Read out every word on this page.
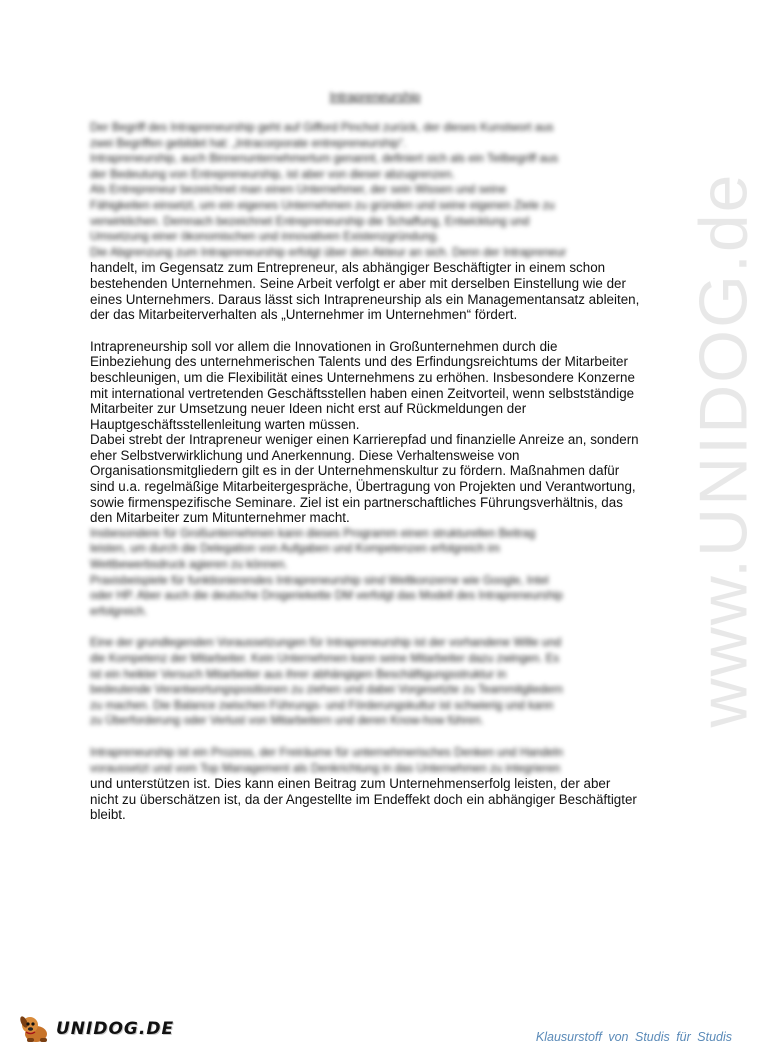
www.UNIDOG.de
Intrapreneurship

Der Begriff des Intrapreneurship geht auf Gifford Pinchot zurück, der dieses Kunstwort aus
zwei Begriffen gebildet hat: „Intracorporate entrepreneurship“.
Intrapreneurship, auch Binnenunternehmertum genannt, definiert sich als ein Teilbegriff aus
der Bedeutung von Entrepreneurship, ist aber von dieser abzugrenzen.
Als Entrepreneur bezeichnet man einen Unternehmer, der sein Wissen und seine
Fähigkeiten einsetzt, um ein eigenes Unternehmen zu gründen und seine eigenen Ziele zu
verwirklichen. Demnach bezeichnet Entrepreneurship die Schaffung, Entwicklung und
Umsetzung einer ökonomischen und innovativen Existenzgründung.
Die Abgrenzung zum Intrapreneurship erfolgt über den Akteur an sich. Denn der Intrapreneur
handelt, im Gegensatz zum Entrepreneur, als abhängiger Beschäftigter in einem schon
bestehenden Unternehmen. Seine Arbeit verfolgt er aber mit derselben Einstellung wie der
eines Unternehmers. Daraus lässt sich Intrapreneurship als ein Managementansatz ableiten,
der das Mitarbeiterverhalten als „Unternehmer im Unternehmen“ fördert.

Intrapreneurship soll vor allem die Innovationen in Großunternehmen durch die
Einbeziehung des unternehmerischen Talents und des Erfindungsreichtums der Mitarbeiter
beschleunigen, um die Flexibilität eines Unternehmens zu erhöhen. Insbesondere Konzerne
mit international vertretenden Geschäftsstellen haben einen Zeitvorteil, wenn selbstständige
Mitarbeiter zur Umsetzung neuer Ideen nicht erst auf Rückmeldungen der
Hauptgeschäftsstellenleitung warten müssen.
Dabei strebt der Intrapreneur weniger einen Karrierepfad und finanzielle Anreize an, sondern
eher Selbstverwirklichung und Anerkennung. Diese Verhaltensweise von
Organisationsmitgliedern gilt es in der Unternehmenskultur zu fördern. Maßnahmen dafür
sind u.a. regelmäßige Mitarbeitergespräche, Übertragung von Projekten und Verantwortung,
sowie firmenspezifische Seminare. Ziel ist ein partnerschaftliches Führungsverhältnis, das
den Mitarbeiter zum Mitunternehmer macht.
Insbesondere für Großunternehmen kann dieses Programm einen strukturellen Beitrag
leisten, um durch die Delegation von Aufgaben und Kompetenzen erfolgreich im
Wettbewerbsdruck agieren zu können.
Praxisbeispiele für funktionierendes Intrapreneurship sind Weltkonzerne wie Google, Intel
oder HP. Aber auch die deutsche Drogeriekette DM verfolgt das Modell des Intrapreneurship
erfolgreich.

Eine der grundlegenden Voraussetzungen für Intrapreneurship ist der vorhandene Wille und
die Kompetenz der Mitarbeiter. Kein Unternehmen kann seine Mitarbeiter dazu zwingen. Es
ist ein heikler Versuch Mitarbeiter aus ihrer abhängigen Beschäftigungsstruktur in
bedeutende Verantwortungspositionen zu ziehen und dabei Vorgesetzte zu Teammitgliedern
zu machen. Die Balance zwischen Führungs- und Förderungskultur ist schwierig und kann
zu Überforderung oder Verlust von Mitarbeitern und deren Know-how führen.

Intrapreneurship ist ein Prozess, der Freiräume für unternehmerisches Denken und Handeln
voraussetzt und vom Top Management als Denkrichtung in das Unternehmen zu integrieren
und unterstützen ist. Dies kann einen Beitrag zum Unternehmenserfolg leisten, der aber
nicht zu überschätzen ist, da der Angestellte im Endeffekt doch ein abhängiger Beschäftigter
bleibt.

UNIDOG.DE	Klausurstoff von Studis für Studis
